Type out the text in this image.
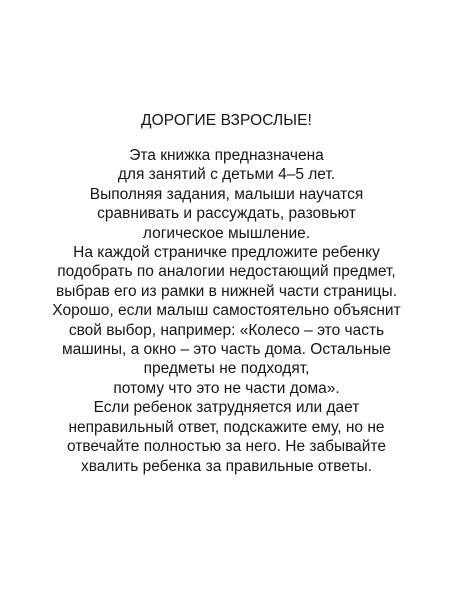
ДОРОГИЕ ВЗРОСЛЫЕ!
Эта книжка предназначена
для занятий с детьми 4–5 лет.
Выполняя задания, малыши научатся
сравнивать и рассуждать, разовьют
логическое мышление.
На каждой страничке предложите ребенку
подобрать по аналогии недостающий предмет,
выбрав его из рамки в нижней части страницы.
Хорошо, если малыш самостоятельно объяснит
свой выбор, например: «Колесо – это часть
машины, а окно – это часть дома. Остальные
предметы не подходят,
потому что это не части дома».
Если ребенок затрудняется или дает
неправильный ответ, подскажите ему, но не
отвечайте полностью за него. Не забывайте
хвалить ребенка за правильные ответы.
